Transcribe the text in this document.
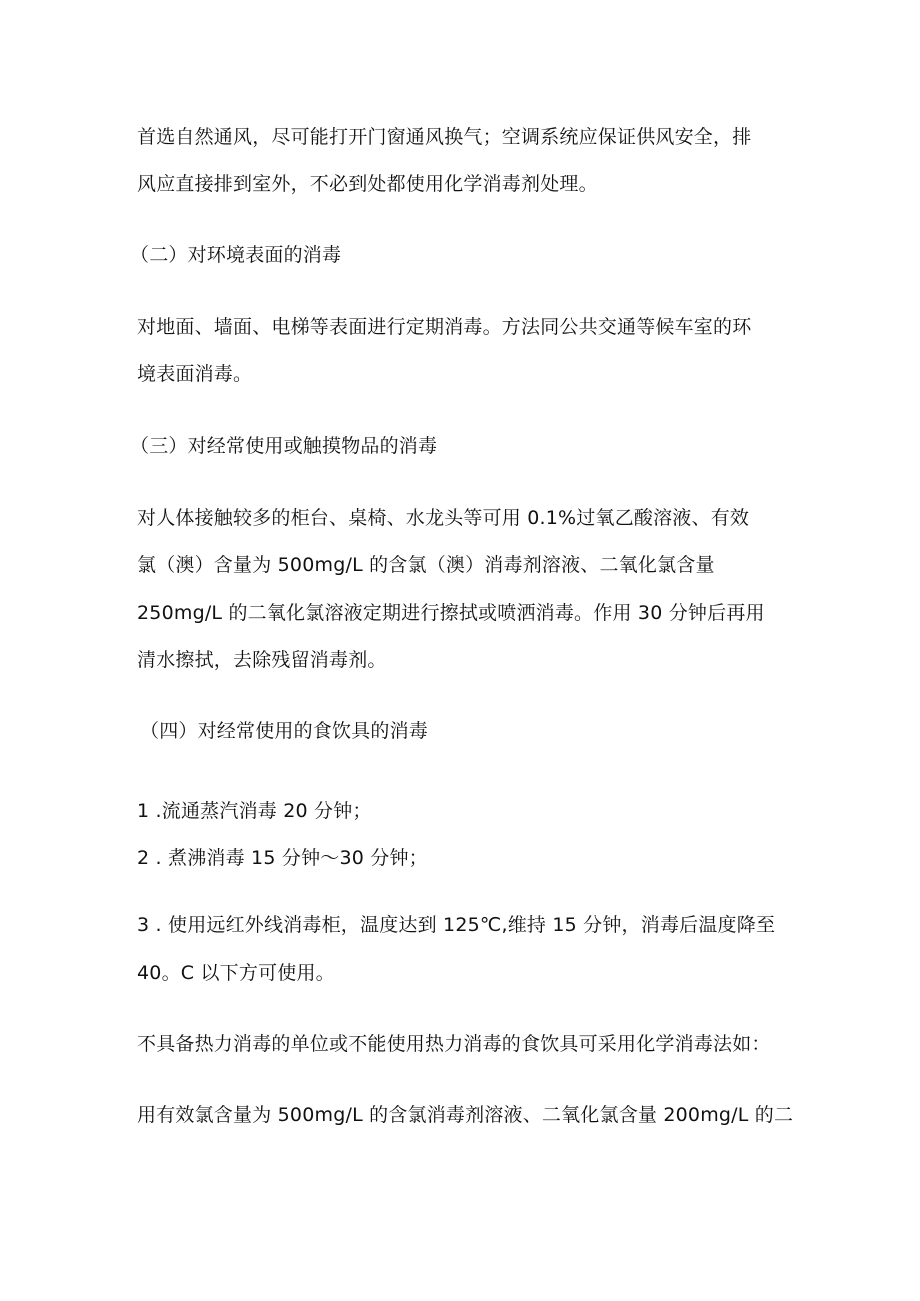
首选自然通风，尽可能打开门窗通风换气；空调系统应保证供风安全，排
风应直接排到室外，不必到处都使用化学消毒剂处理。
（二）对环境表面的消毒
对地面、墙面、电梯等表面进行定期消毒。方法同公共交通等候车室的环
境表面消毒。
（三）对经常使用或触摸物品的消毒
对人体接触较多的柜台、桌椅、水龙头等可用 0.1%过氧乙酸溶液、有效
氯（澳）含量为 500mg/L 的含氯（澳）消毒剂溶液、二氧化氯含量
250mg/L 的二氧化氯溶液定期进行擦拭或喷洒消毒。作用 30 分钟后再用
清水擦拭，去除残留消毒剂。
（四）对经常使用的食饮具的消毒
1 .流通蒸汽消毒 20 分钟；
2 . 煮沸消毒 15 分钟～30 分钟；
3 . 使用远红外线消毒柜，温度达到 125℃,维持 15 分钟，消毒后温度降至
40。C 以下方可使用。
不具备热力消毒的单位或不能使用热力消毒的食饮具可采用化学消毒法如：
用有效氯含量为 500mg/L 的含氯消毒剂溶液、二氧化氯含量 200mg/L 的二
